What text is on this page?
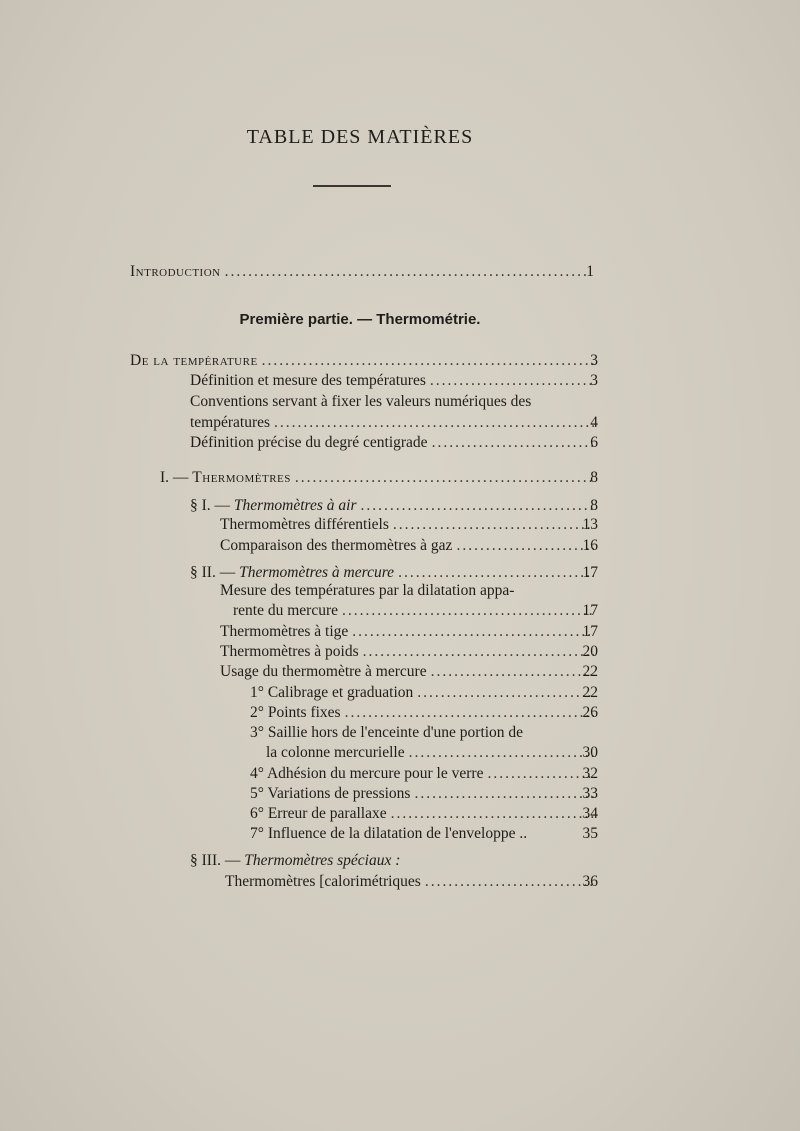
TABLE DES MATIÈRES
Introduction .....	1
Première partie. — Thermométrie.
De la température .....	3
Définition et mesure des températures .....	3
Conventions servant à fixer les valeurs numériques des
températures .....	4
Définition précise du degré centigrade .....	6
I. — Thermomètres .....	8
§ I. — Thermomètres à air .....	8
Thermomètres différentiels .....	13
Comparaison des thermomètres à gaz .....	16
§ II. — Thermomètres à mercure .....	17
Mesure des températures par la dilatation appa-
rente du mercure .....	17
Thermomètres à tige .....	17
Thermomètres à poids .....	20
Usage du thermomètre à mercure .....	22
1° Calibrage et graduation .....	22
2° Points fixes .....	26
3° Saillie hors de l'enceinte d'une portion de
la colonne mercurielle .....	30
4° Adhésion du mercure pour le verre .....	32
5° Variations de pressions .....	33
6° Erreur de parallaxe .....	34
7° Influence de la dilatation de l'enveloppe ..	35
§ III. — Thermomètres spéciaux :
Thermomètres [calorimétriques .....	36
